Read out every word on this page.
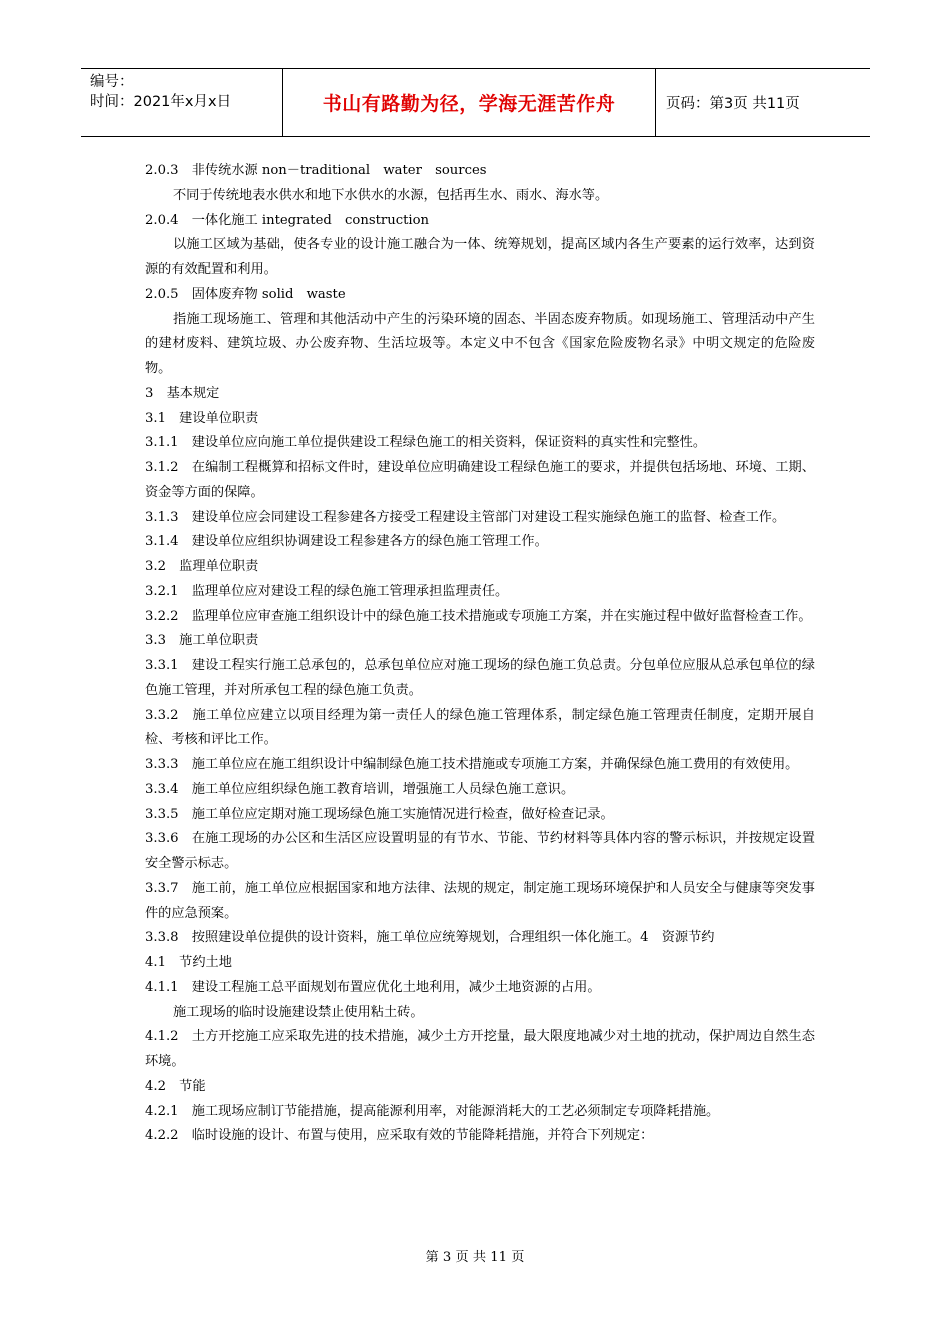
编号：
时间：2021年x月x日	书山有路勤为径，学海无涯苦作舟	页码：第3页 共11页

2.0.3　非传统水源 non－traditional　water　sources

不同于传统地表水供水和地下水供水的水源，包括再生水、雨水、海水等。

2.0.4　一体化施工 integrated　construction

以施工区域为基础，使各专业的设计施工融合为一体、统筹规划，提高区域内各生产要素的运行效率，达到资源的有效配置和利用。

2.0.5　固体废弃物 solid　waste

指施工现场施工、管理和其他活动中产生的污染环境的固态、半固态废弃物质。如现场施工、管理活动中产生的建材废料、建筑垃圾、办公废弃物、生活垃圾等。本定义中不包含《国家危险废物名录》中明文规定的危险废物。

3　基本规定

3.1　建设单位职责

3.1.1　建设单位应向施工单位提供建设工程绿色施工的相关资料，保证资料的真实性和完整性。

3.1.2　在编制工程概算和招标文件时，建设单位应明确建设工程绿色施工的要求，并提供包括场地、环境、工期、资金等方面的保障。

3.1.3　建设单位应会同建设工程参建各方接受工程建设主管部门对建设工程实施绿色施工的监督、检查工作。

3.1.4　建设单位应组织协调建设工程参建各方的绿色施工管理工作。

3.2　监理单位职责

3.2.1　监理单位应对建设工程的绿色施工管理承担监理责任。

3.2.2　监理单位应审查施工组织设计中的绿色施工技术措施或专项施工方案，并在实施过程中做好监督检查工作。

3.3　施工单位职责

3.3.1　建设工程实行施工总承包的，总承包单位应对施工现场的绿色施工负总责。分包单位应服从总承包单位的绿色施工管理，并对所承包工程的绿色施工负责。

3.3.2　施工单位应建立以项目经理为第一责任人的绿色施工管理体系，制定绿色施工管理责任制度，定期开展自检、考核和评比工作。

3.3.3　施工单位应在施工组织设计中编制绿色施工技术措施或专项施工方案，并确保绿色施工费用的有效使用。

3.3.4　施工单位应组织绿色施工教育培训，增强施工人员绿色施工意识。

3.3.5　施工单位应定期对施工现场绿色施工实施情况进行检查，做好检查记录。

3.3.6　在施工现场的办公区和生活区应设置明显的有节水、节能、节约材料等具体内容的警示标识，并按规定设置安全警示标志。

3.3.7　施工前，施工单位应根据国家和地方法律、法规的规定，制定施工现场环境保护和人员安全与健康等突发事件的应急预案。

3.3.8　按照建设单位提供的设计资料，施工单位应统筹规划，合理组织一体化施工。4　资源节约

4.1　节约土地

4.1.1　建设工程施工总平面规划布置应优化土地利用，减少土地资源的占用。

施工现场的临时设施建设禁止使用粘土砖。

4.1.2　土方开挖施工应采取先进的技术措施，减少土方开挖量，最大限度地减少对土地的扰动，保护周边自然生态环境。

4.2　节能

4.2.1　施工现场应制订节能措施，提高能源利用率，对能源消耗大的工艺必须制定专项降耗措施。

4.2.2　临时设施的设计、布置与使用，应采取有效的节能降耗措施，并符合下列规定：

第 3 页 共 11 页
